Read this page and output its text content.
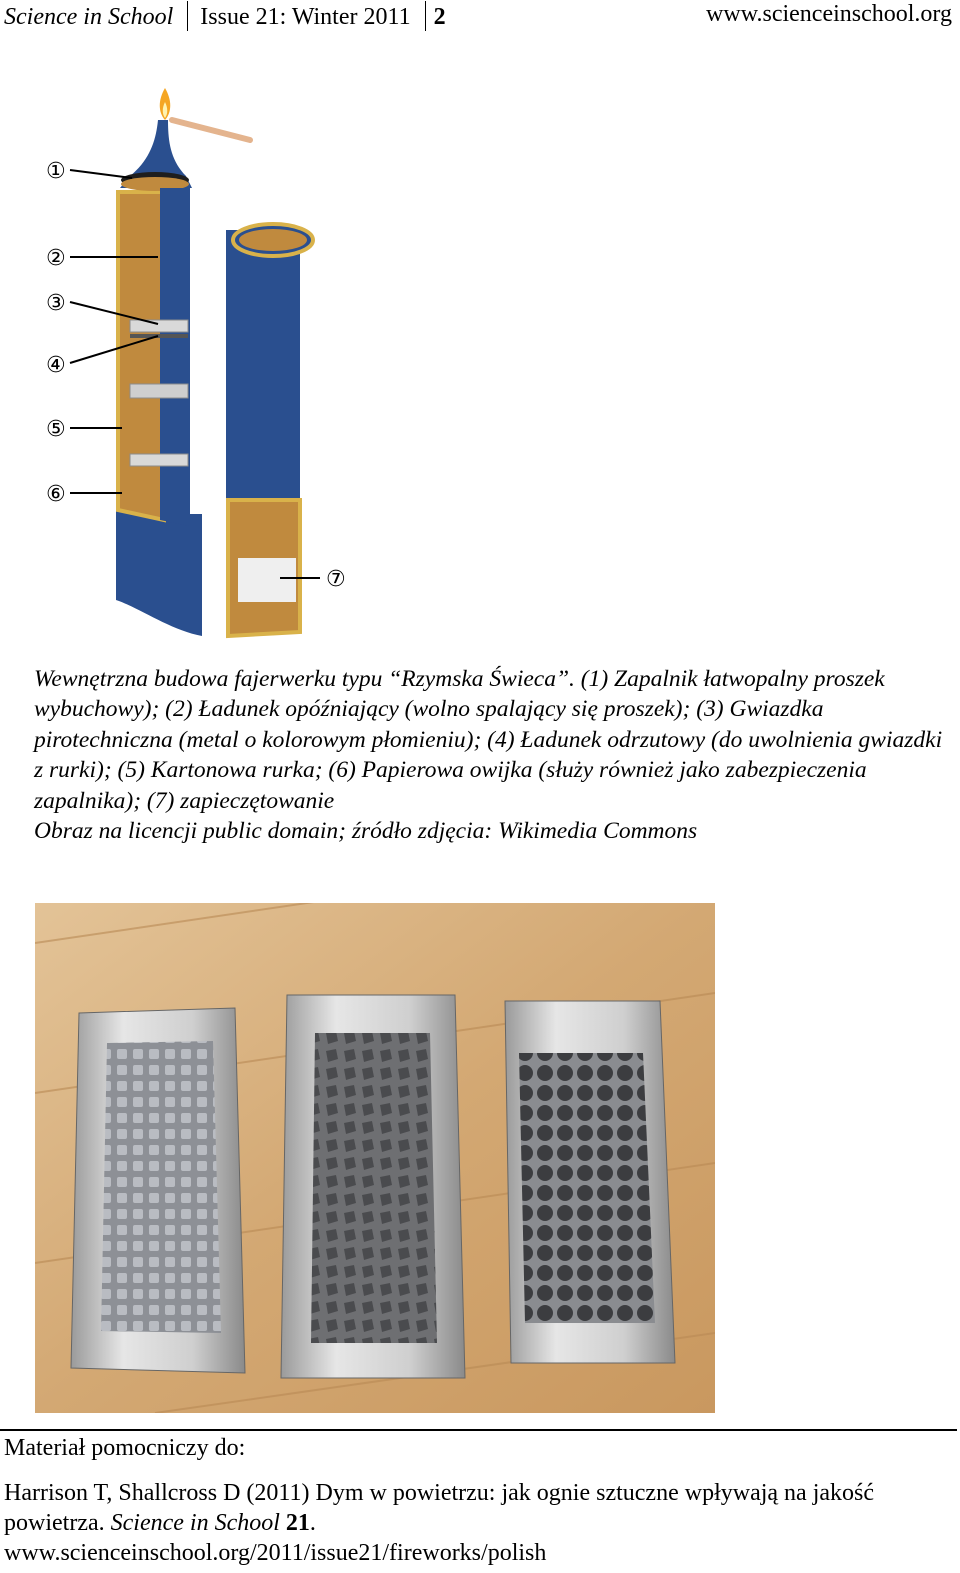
Science in School Issue 21: Winter 2011 2	www.scienceinschool.org
①
②
③
④
⑤
⑥
⑦

Wewnętrzna budowa fajerwerku typu “Rzymska Świeca”. (1) Zapalnik łatwopalny proszek wybuchowy); (2) Ładunek opóźniający (wolno spalający się proszek); (3) Gwiazdka pirotechniczna (metal o kolorowym płomieniu); (4) Ładunek odrzutowy (do uwolnienia gwiazdki z rurki); (5) Kartonowa rurka; (6) Papierowa owijka (służy również jako zabezpieczenia zapalnika); (7) zapieczętowanie

Obraz na licencji public domain; źródło zdjęcia: Wikimedia Commons

Materiał pomocniczy do:
Harrison T, Shallcross D (2011) Dym w powietrzu: jak ognie sztuczne wpływają na jakość powietrza. Science in School 21.
www.scienceinschool.org/2011/issue21/fireworks/polish
